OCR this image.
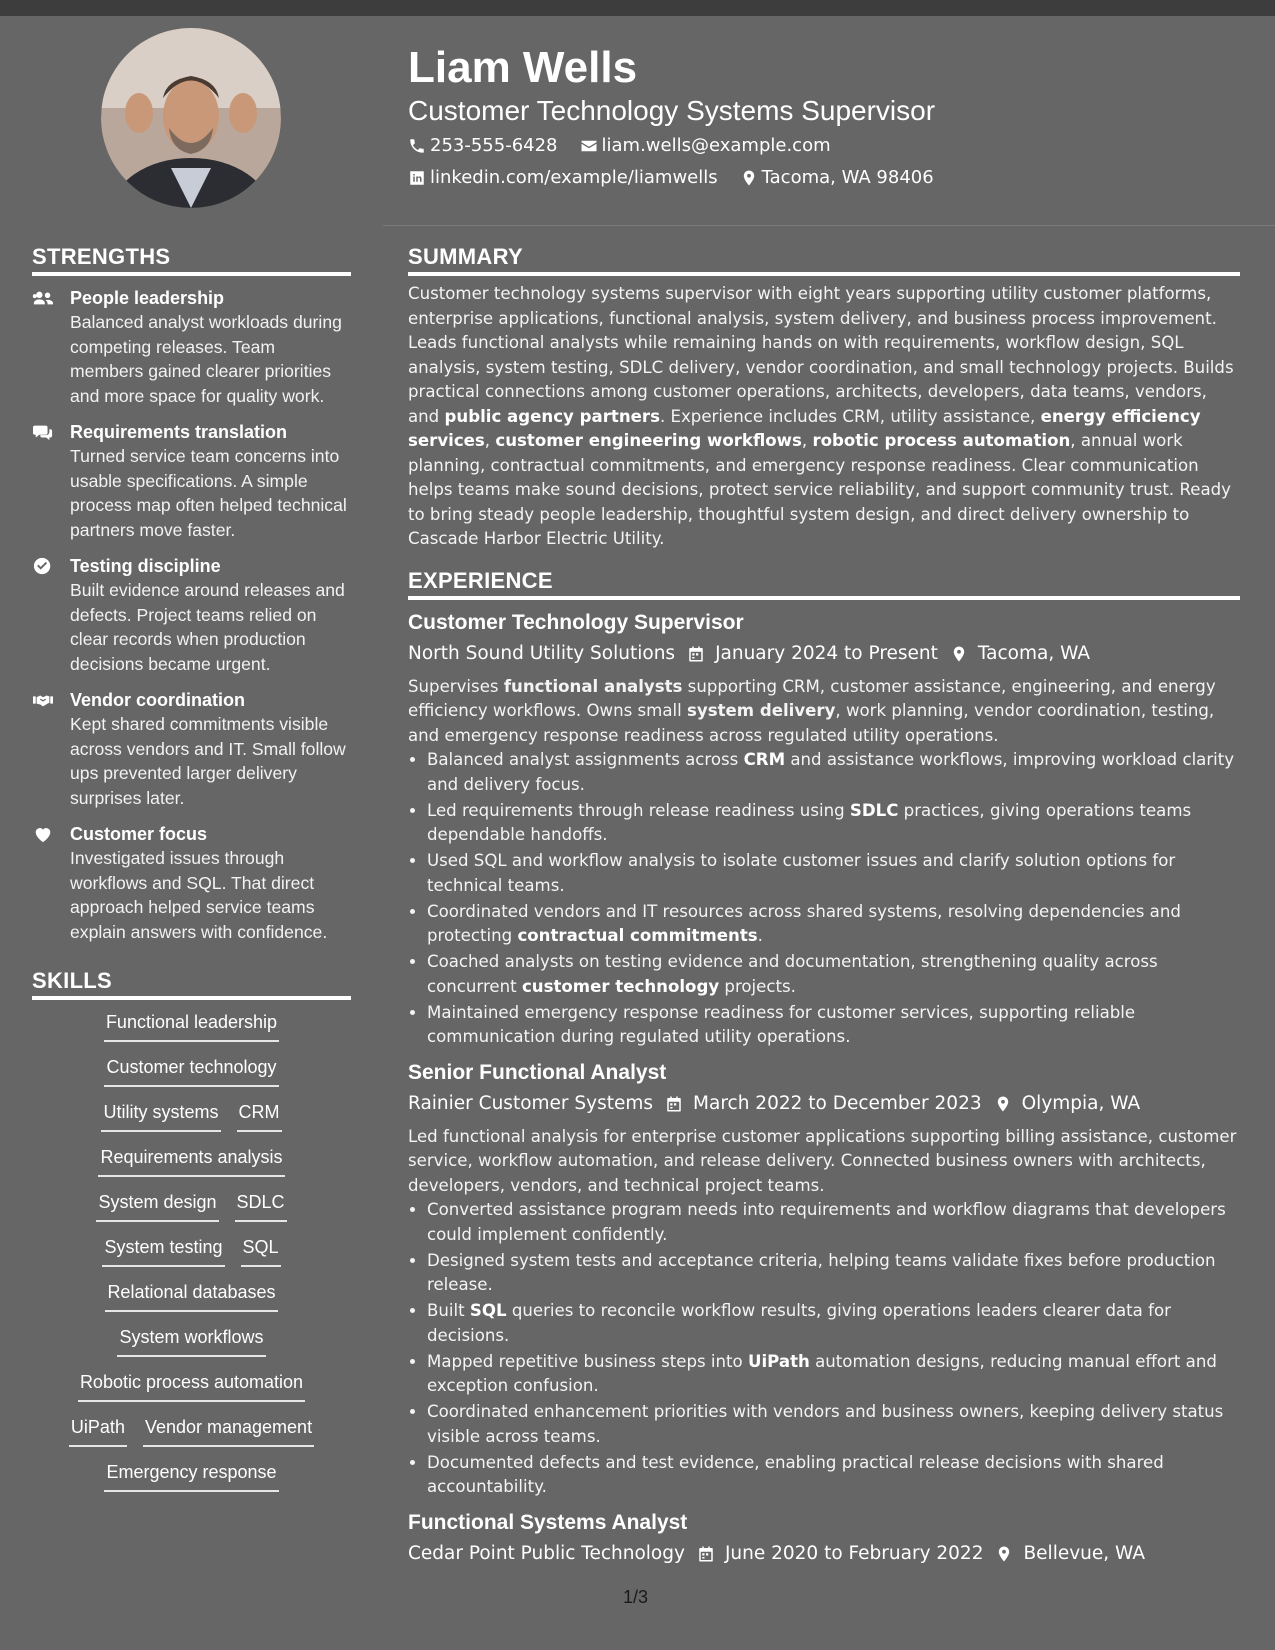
Liam Wells
Customer Technology Systems Supervisor
253-555-6428 liam.wells@example.com
linkedin.com/example/liamwells Tacoma, WA 98406
STRENGTHS
People leadership
Balanced analyst workloads during competing releases. Team members gained clearer priorities and more space for quality work.
Requirements translation
Turned service team concerns into usable specifications. A simple process map often helped technical partners move faster.
Testing discipline
Built evidence around releases and defects. Project teams relied on clear records when production decisions became urgent.
Vendor coordination
Kept shared commitments visible across vendors and IT. Small follow ups prevented larger delivery surprises later.
Customer focus
Investigated issues through workflows and SQL. That direct approach helped service teams explain answers with confidence.
SKILLS
Functional leadership
Customer technology
Utility systems CRM
Requirements analysis
System design SDLC
System testing SQL
Relational databases
System workflows
Robotic process automation
UiPath Vendor management
Emergency response
SUMMARY

Customer technology systems supervisor with eight years supporting utility customer platforms, enterprise applications, functional analysis, system delivery, and business process improvement. Leads functional analysts while remaining hands on with requirements, workflow design, SQL analysis, system testing, SDLC delivery, vendor coordination, and small technology projects. Builds practical connections among customer operations, architects, developers, data teams, vendors, and public agency partners. Experience includes CRM, utility assistance, energy efficiency services, customer engineering workflows, robotic process automation, annual work planning, contractual commitments, and emergency response readiness. Clear communication helps teams make sound decisions, protect service reliability, and support community trust. Ready to bring steady people leadership, thoughtful system design, and direct delivery ownership to Cascade Harbor Electric Utility.

EXPERIENCE
Customer Technology Supervisor
North Sound Utility Solutions January 2024 to Present Tacoma, WA
Supervises functional analysts supporting CRM, customer assistance, engineering, and energy efficiency workflows. Owns small system delivery, work planning, vendor coordination, testing, and emergency response readiness across regulated utility operations.
• Balanced analyst assignments across CRM and assistance workflows, improving workload clarity and delivery focus.
• Led requirements through release readiness using SDLC practices, giving operations teams dependable handoffs.
• Used SQL and workflow analysis to isolate customer issues and clarify solution options for technical teams.
• Coordinated vendors and IT resources across shared systems, resolving dependencies and protecting contractual commitments.
• Coached analysts on testing evidence and documentation, strengthening quality across concurrent customer technology projects.
• Maintained emergency response readiness for customer services, supporting reliable communication during regulated utility operations.
Senior Functional Analyst
Rainier Customer Systems March 2022 to December 2023 Olympia, WA
Led functional analysis for enterprise customer applications supporting billing assistance, customer service, workflow automation, and release delivery. Connected business owners with architects, developers, vendors, and technical project teams.
• Converted assistance program needs into requirements and workflow diagrams that developers could implement confidently.
• Designed system tests and acceptance criteria, helping teams validate fixes before production release.
• Built SQL queries to reconcile workflow results, giving operations leaders clearer data for decisions.
• Mapped repetitive business steps into UiPath automation designs, reducing manual effort and exception confusion.
• Coordinated enhancement priorities with vendors and business owners, keeping delivery status visible across teams.
• Documented defects and test evidence, enabling practical release decisions with shared accountability.
Functional Systems Analyst
Cedar Point Public Technology June 2020 to February 2022 Bellevue, WA
1/3
